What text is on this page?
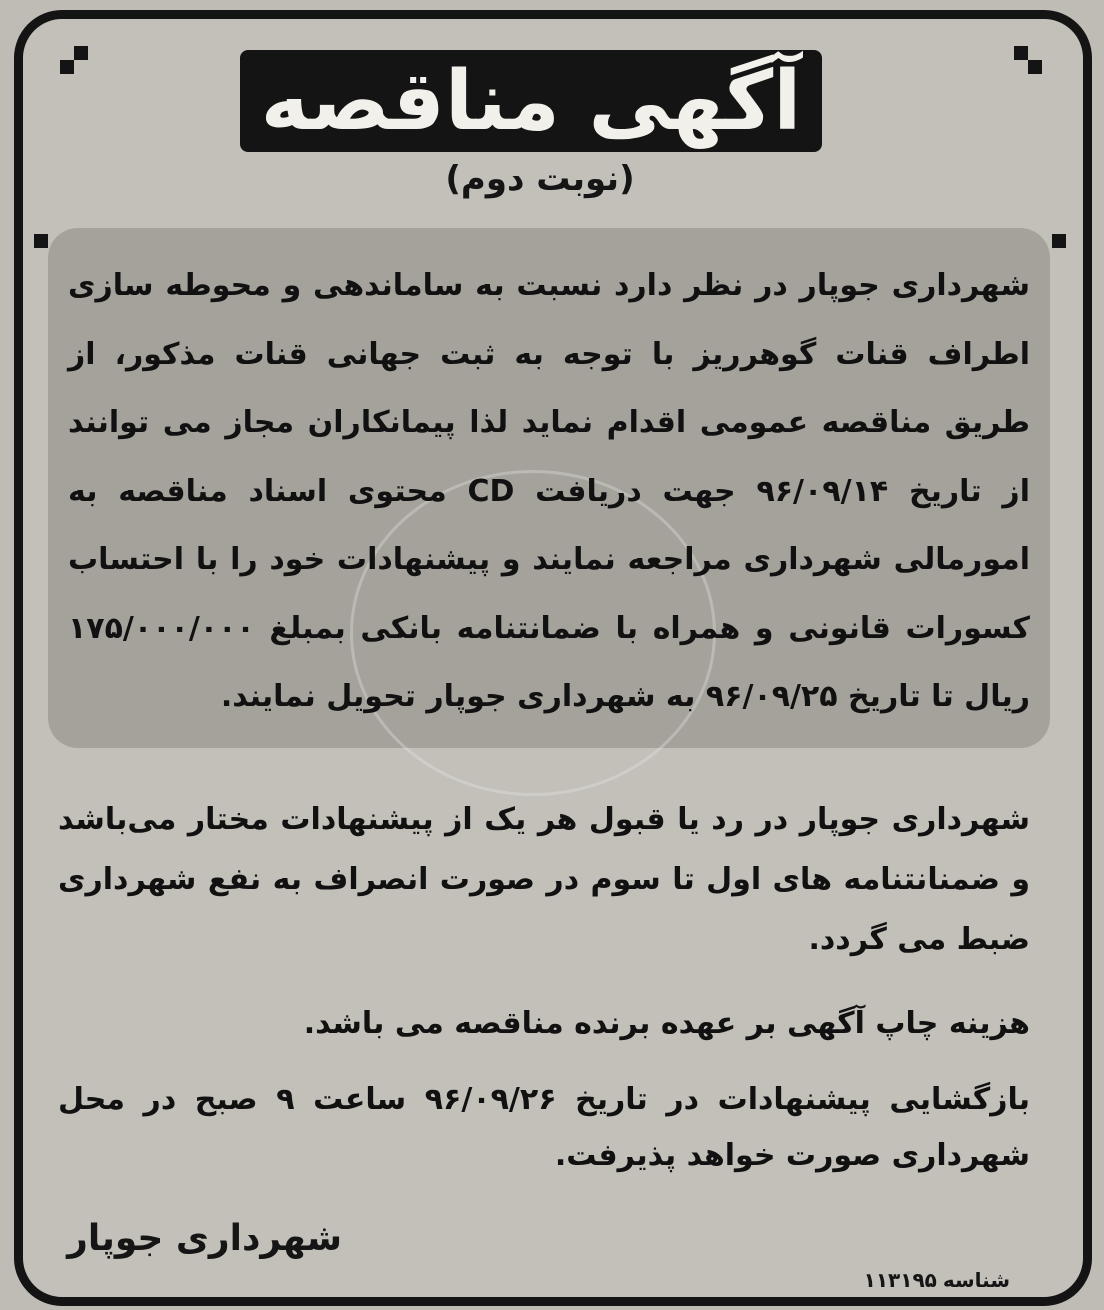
آگهی مناقصه
(نوبت دوم)
شهرداری جوپار در نظر دارد نسبت به ساماندهی و محوطه سازی اطراف قنات گوهرریز با توجه به ثبت جهانی قنات مذکور، از طریق مناقصه عمومی اقدام نماید لذا پیمانکاران مجاز می توانند از تاریخ ۹۶/۰۹/۱۴ جهت دریافت CD محتوی اسناد مناقصه به امورمالی شهرداری مراجعه نمایند و پیشنهادات خود را با احتساب کسورات قانونی و همراه با ضمانتنامه بانکی بمبلغ ۱۷۵/۰۰۰/۰۰۰ ریال تا تاریخ ۹۶/۰۹/۲۵ به شهرداری جوپار تحویل نمایند.
شهرداری جوپار در رد یا قبول هر یک از پیشنهادات مختار می‌باشد و ضمنانتنامه های اول تا سوم در صورت انصراف به نفع شهرداری ضبط می گردد.
هزینه چاپ آگهی بر عهده برنده مناقصه می باشد.
بازگشایی پیشنهادات در تاریخ ۹۶/۰۹/۲۶ ساعت ۹ صبح در محل شهرداری صورت خواهد پذیرفت.
شهرداری جوپار
شناسه۱۱۳۱۹۵
